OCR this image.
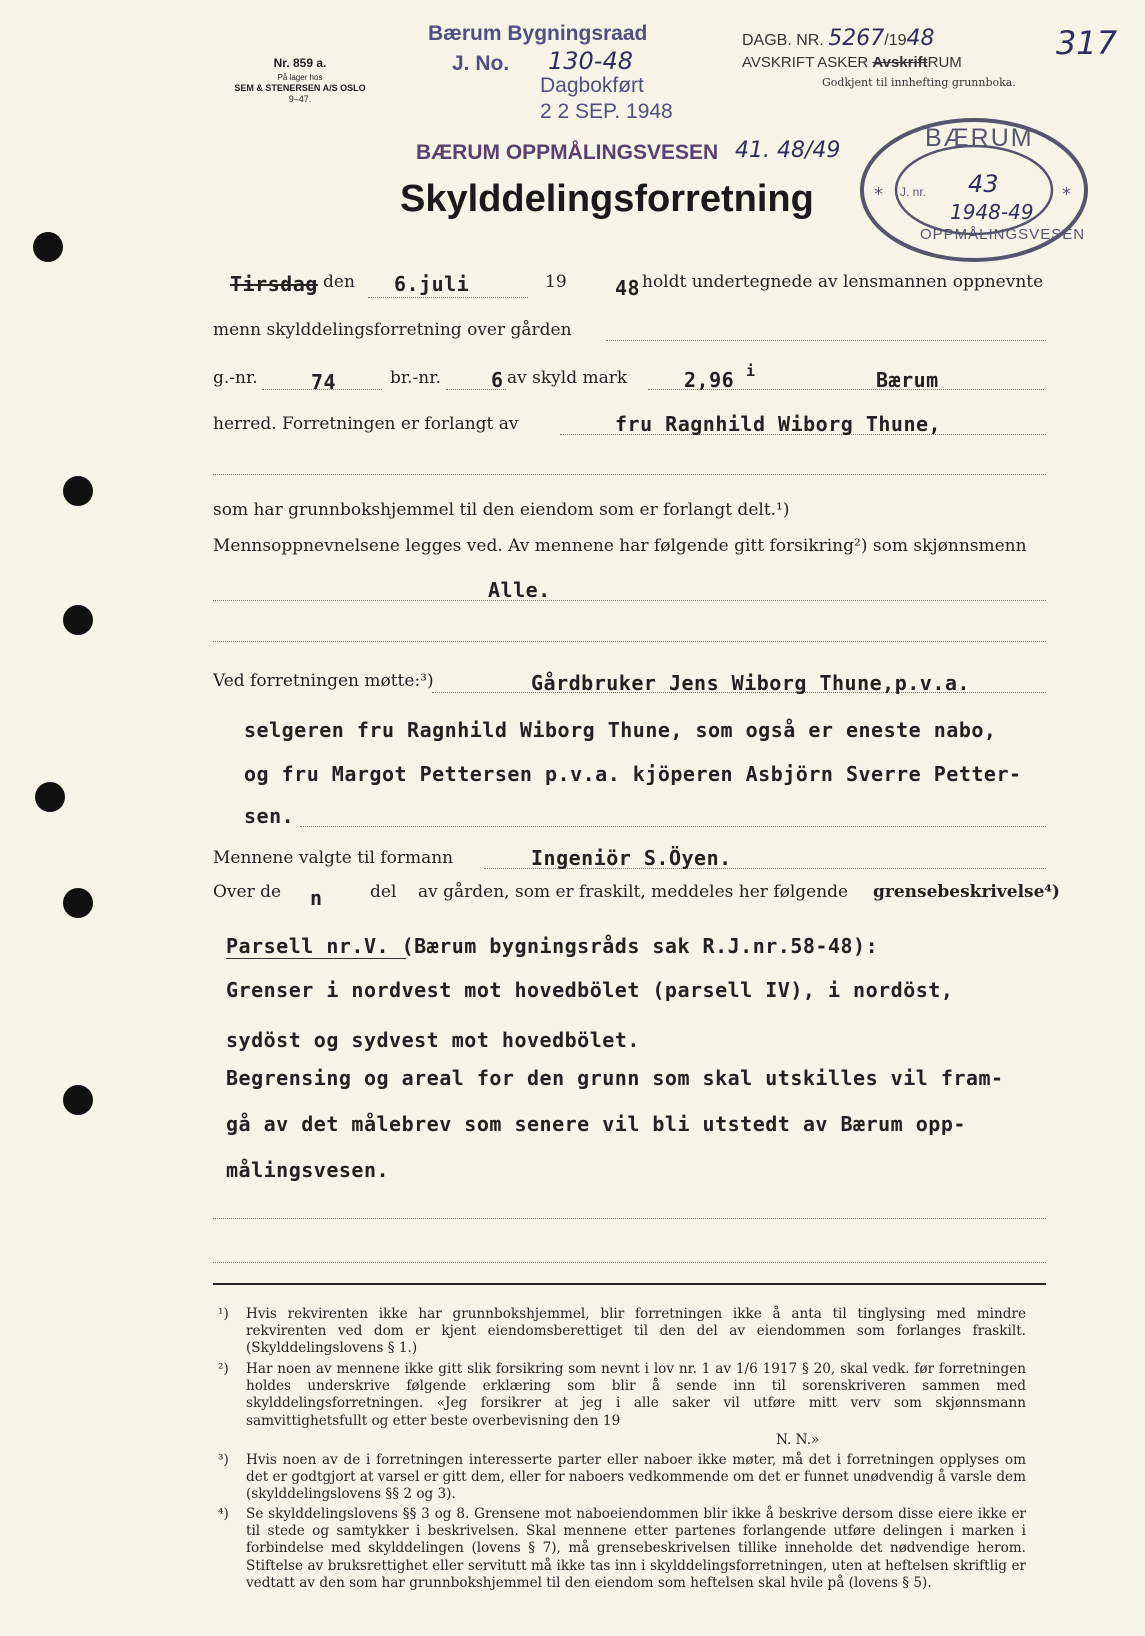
Nr. 859 a.
På lager hos
SEM & STENERSEN A/S OSLO
9–47.
Bærum Bygningsraad
J. No. 130-48
Dagbokført
2 2 SEP. 1948
BÆRUM OPPMÅLINGSVESEN 41. 48/49
DAGB. NR. 5267/1948
AVSKRIFT ASKER AvskriftRUM
Godkjent til innhefting grunnboka.
317
*	*
BÆRUM
J. nr. 43
1948-49
OPPMÅLINGSVESEN
Skylddelingsforretning
Tirsdag den 6.juli	19 48 holdt undertegnede av lensmannen oppnevnte
menn skylddelingsforretning over gården
g.-nr.	74	br.-nr.	6 av skyld mark	2,96 i	Bærum
herred. Forretningen er forlangt av	fru Ragnhild Wiborg Thune,
som har grunnbokshjemmel til den eiendom som er forlangt delt.¹)
Mennsoppnevnelsene legges ved. Av mennene har følgende gitt forsikring²) som skjønnsmenn
Alle.
Ved forretningen møtte:³)	Gårdbruker Jens Wiborg Thune,p.v.a.
selgeren fru Ragnhild Wiborg Thune, som også er eneste nabo,
og fru Margot Pettersen p.v.a. kjöperen Asbjörn Sverre Petter-
sen.
Mennene valgte til formann	Ingeniör S.Öyen.
Over de n	del av gården, som er fraskilt, meddeles her følgende grensebeskrivelse⁴)
Parsell nr.V. (Bærum bygningsråds sak R.J.nr.58-48):
Grenser i nordvest mot hovedbölet (parsell IV), i nordöst,
sydöst og sydvest mot hovedbölet.
Begrensing og areal for den grunn som skal utskilles vil fram-
gå av det målebrev som senere vil bli utstedt av Bærum opp-
målingsvesen.
¹) Hvis rekvirenten ikke har grunnbokshjemmel, blir forretningen ikke å anta til tinglysing med mindre rekvirenten ved dom er kjent eiendomsberettiget til den del av eiendommen som forlanges fraskilt. (Skylddelingslovens § 1.)
²) Har noen av mennene ikke gitt slik forsikring som nevnt i lov nr. 1 av 1/6 1917 § 20, skal vedk. før forretningen holdes underskrive følgende erklæring som blir å sende inn til sorenskriveren sammen med skylddelingsforretningen. «Jeg forsikrer at jeg i alle saker vil utføre mitt verv som skjønnsmann samvittighetsfullt og etter beste overbevisning den 19
N. N.»
³) Hvis noen av de i forretningen interesserte parter eller naboer ikke møter, må det i forretningen opplyses om det er godtgjort at varsel er gitt dem, eller for naboers vedkommende om det er funnet unødvendig å varsle dem (skylddelingslovens §§ 2 og 3).
⁴) Se skylddelingslovens §§ 3 og 8. Grensene mot naboeiendommen blir ikke å beskrive dersom disse eiere ikke er til stede og samtykker i beskrivelsen. Skal mennene etter partenes forlangende utføre delingen i marken i forbindelse med skylddelingen (lovens § 7), må grensebeskrivelsen tillike inneholde det nødvendige herom. Stiftelse av bruksrettighet eller servitutt må ikke tas inn i skylddelingsforretningen, uten at heftelsen skriftlig er vedtatt av den som har grunnbokshjemmel til den eiendom som heftelsen skal hvile på (lovens § 5).
